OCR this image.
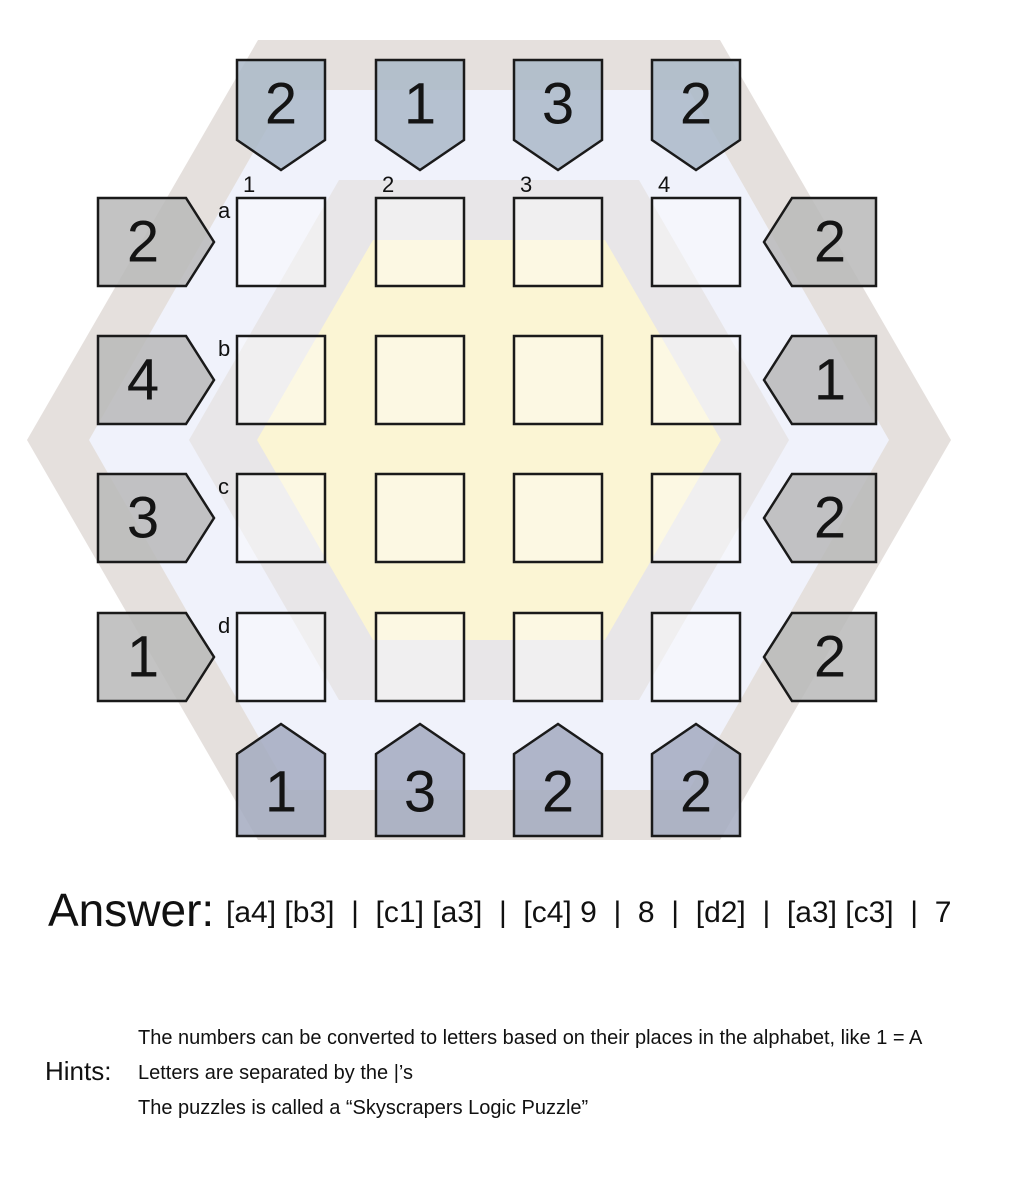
1	2	3	4
a
b
c
d
2 1 3 2
1 3 2 2
2
4
3
1
2
1
2
2
Answer: [a4] [b3]  |  [c1] [a3]  |  [c4] 9  |  8  |  [d2]  |  [a3] [c3]  |  7
Hints:
The numbers can be converted to letters based on their places in the alphabet, like 1 = A
Letters are separated by the |’s
The puzzles is called a “Skyscrapers Logic Puzzle”
